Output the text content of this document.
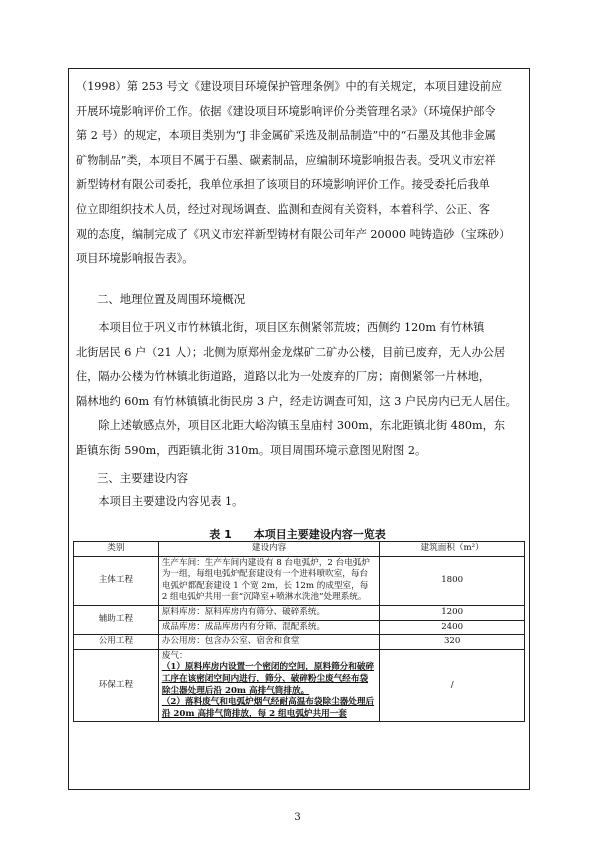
（1998）第 253 号文《建设项目环境保护管理条例》中的有关规定，本项目建设前应
开展环境影响评价工作。依据《建设项目环境影响评价分类管理名录》（环境保护部令
第 2 号）的规定，本项目类别为“J 非金属矿采选及制品制造”中的“石墨及其他非金属
矿物制品”类，本项目不属于石墨、碳素制品，应编制环境影响报告表。受巩义市宏祥
新型铸材有限公司委托，我单位承担了该项目的环境影响评价工作。接受委托后我单
位立即组织技术人员，经过对现场调查、监测和查阅有关资料，本着科学、公正、客
观的态度，编制完成了《巩义市宏祥新型铸材有限公司年产 20000 吨铸造砂（宝珠砂）
项目环境影响报告表》。
二、地理位置及周围环境概况
　　本项目位于巩义市竹林镇北街，项目区东侧紧邻荒坡；西侧约 120m 有竹林镇
北街居民 6 户（21 人）；北侧为原郑州金龙煤矿二矿办公楼，目前已废弃，无人办公居
住，隔办公楼为竹林镇北街道路，道路以北为一处废弃的厂房；南侧紧邻一片林地，
隔林地约 60m 有竹林镇镇北街民房 3 户，经走访调查可知，这 3 户民房内已无人居住。
　　除上述敏感点外，项目区北距大峪沟镇玉皇庙村 300m，东北距镇北街 480m，东
距镇东街 590m，西距镇北街 310m。项目周围环境示意图见附图 2。
三、主要建设内容
　　本项目主要建设内容见表 1。
表 1 本项目主要建设内容一览表
类别	建设内容	建筑面积（m²）
主体工程	生产车间：生产车间内建设有 8 台电弧炉，2 台电弧炉为一组，每组电弧炉配套建设有一个进料喷吹室，每台电弧炉都配套建设 1 个宽 2m，长 12m 的成型室，每 2 组电弧炉共用一套“沉降室+喷淋水洗池”处理系统。	1800
辅助工程	原料库房：原料库房内有筛分、破碎系统。	1200
	成品库房：成品库房内有分筛、混配系统。	2400
公用工程	办公用房：包含办公室、宿舍和食堂	320
环保工程	废气：
（1）原料库房内设置一个密闭的空间，原料筛分和破碎工序在该密闭空间内进行，筛分、破碎粉尘废气经布袋除尘器处理后沿 20m 高排气筒排放。
（2）落料废气和电弧炉烟气经耐高温布袋除尘器处理后沿 20m 高排气筒排放，每 2 组电弧炉共用一套	/
3
